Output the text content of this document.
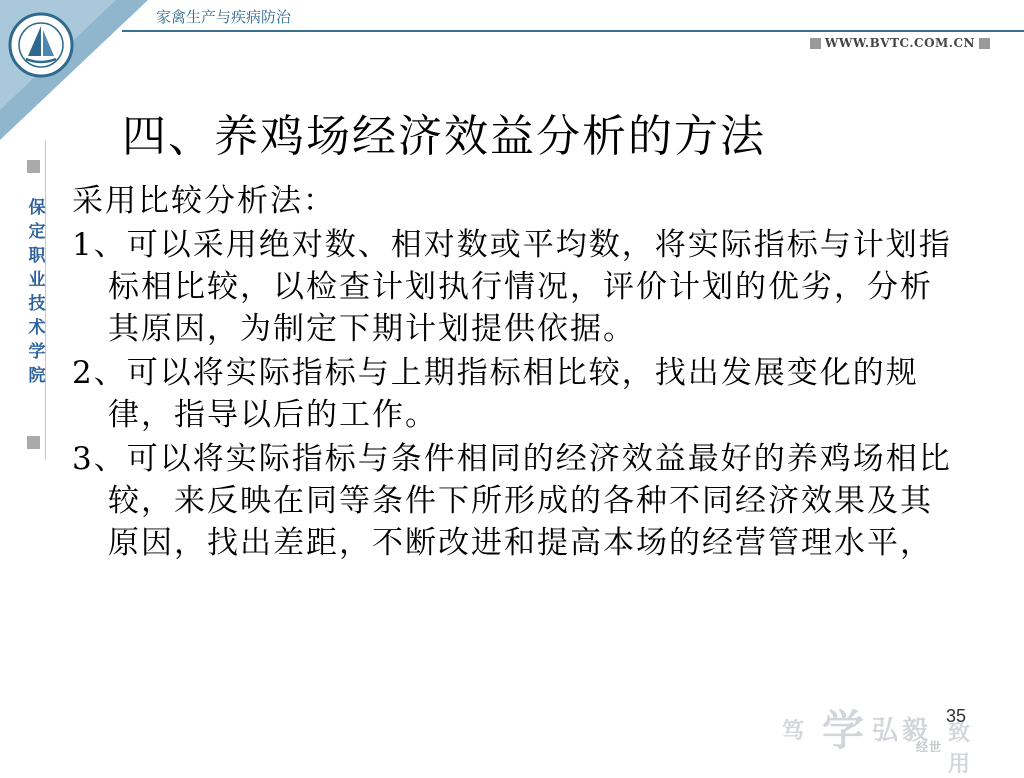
家禽生产与疾病防治
WWW.BVTC.COM.CN
保定职业技术学院
四、养鸡场经济效益分析的方法

采用比较分析法：

1、可以采用绝对数、相对数或平均数，将实际指标与计划指标相比较，以检查计划执行情况，评价计划的优劣，分析其原因，为制定下期计划提供依据。

2、可以将实际指标与上期指标相比较，找出发展变化的规律，指导以后的工作。

3、可以将实际指标与条件相同的经济效益最好的养鸡场相比较，来反映在同等条件下所形成的各种不同经济效果及其原因，找出差距，不断改进和提高本场的经营管理水平，

笃 学 弘毅 致用
经世
35
